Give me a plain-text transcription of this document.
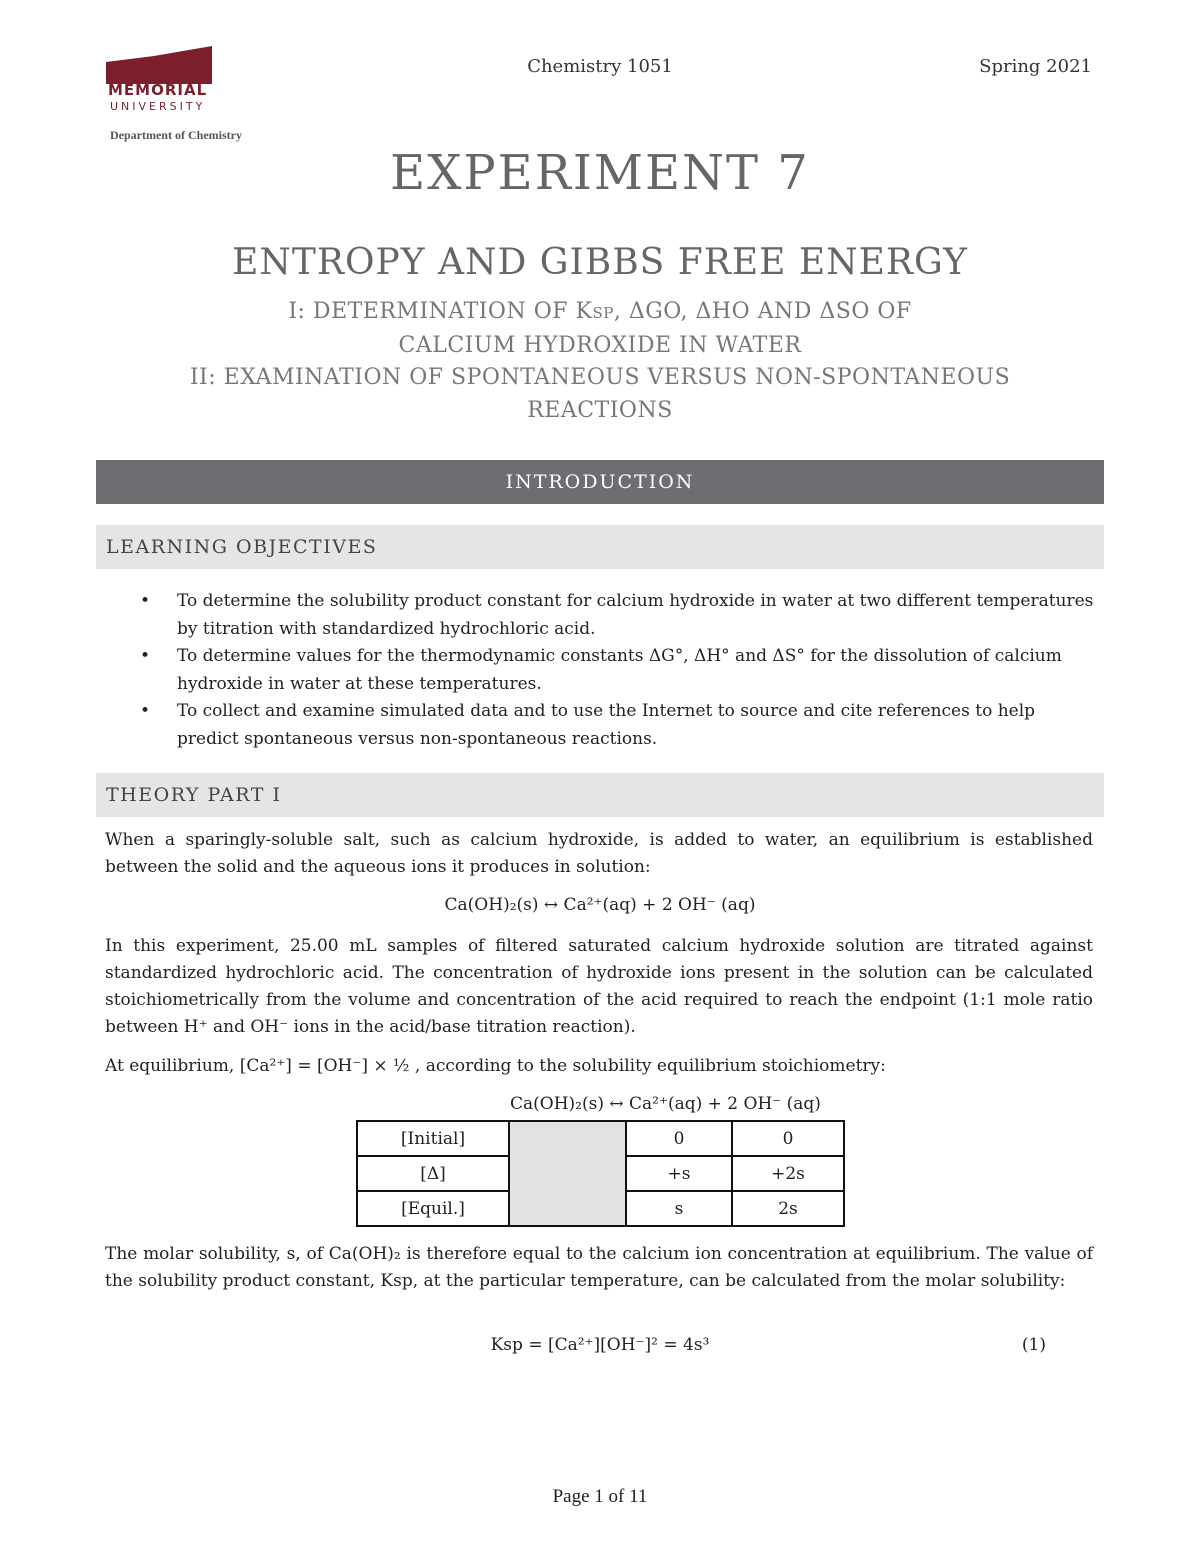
MEMORIAL
UNIVERSITY
Department of Chemistry
Chemistry 1051	Spring 2021
EXPERIMENT 7
ENTROPY AND GIBBS FREE ENERGY
I: DETERMINATION OF KSP, ΔGO, ΔHO AND ΔSO OF
CALCIUM HYDROXIDE IN WATER
II: EXAMINATION OF SPONTANEOUS VERSUS NON-SPONTANEOUS REACTIONS
INTRODUCTION
LEARNING OBJECTIVES
• To determine the solubility product constant for calcium hydroxide in water at two different temperatures by titration with standardized hydrochloric acid.
• To determine values for the thermodynamic constants ΔG°, ΔH° and ΔS° for the dissolution of calcium hydroxide in water at these temperatures.
• To collect and examine simulated data and to use the Internet to source and cite references to help predict spontaneous versus non-spontaneous reactions.
THEORY PART I
When a sparingly-soluble salt, such as calcium hydroxide, is added to water, an equilibrium is established between the solid and the aqueous ions it produces in solution:
Ca(OH)₂(s) ↔ Ca²⁺(aq) + 2 OH⁻ (aq)
In this experiment, 25.00 mL samples of filtered saturated calcium hydroxide solution are titrated against standardized hydrochloric acid. The concentration of hydroxide ions present in the solution can be calculated stoichiometrically from the volume and concentration of the acid required to reach the endpoint (1:1 mole ratio between H⁺ and OH⁻ ions in the acid/base titration reaction).
At equilibrium, [Ca²⁺] = [OH⁻] × ½ , according to the solubility equilibrium stoichiometry:
Ca(OH)₂(s) ↔ Ca²⁺(aq) + 2 OH⁻ (aq)
[Initial]		0	0
[Δ]		+s	+2s
[Equil.]		s	2s
The molar solubility, s, of Ca(OH)₂ is therefore equal to the calcium ion concentration at equilibrium. The value of the solubility product constant, Ksp, at the particular temperature, can be calculated from the molar solubility:
Ksp = [Ca²⁺][OH⁻]² = 4s³	(1)
Page 1 of 11
